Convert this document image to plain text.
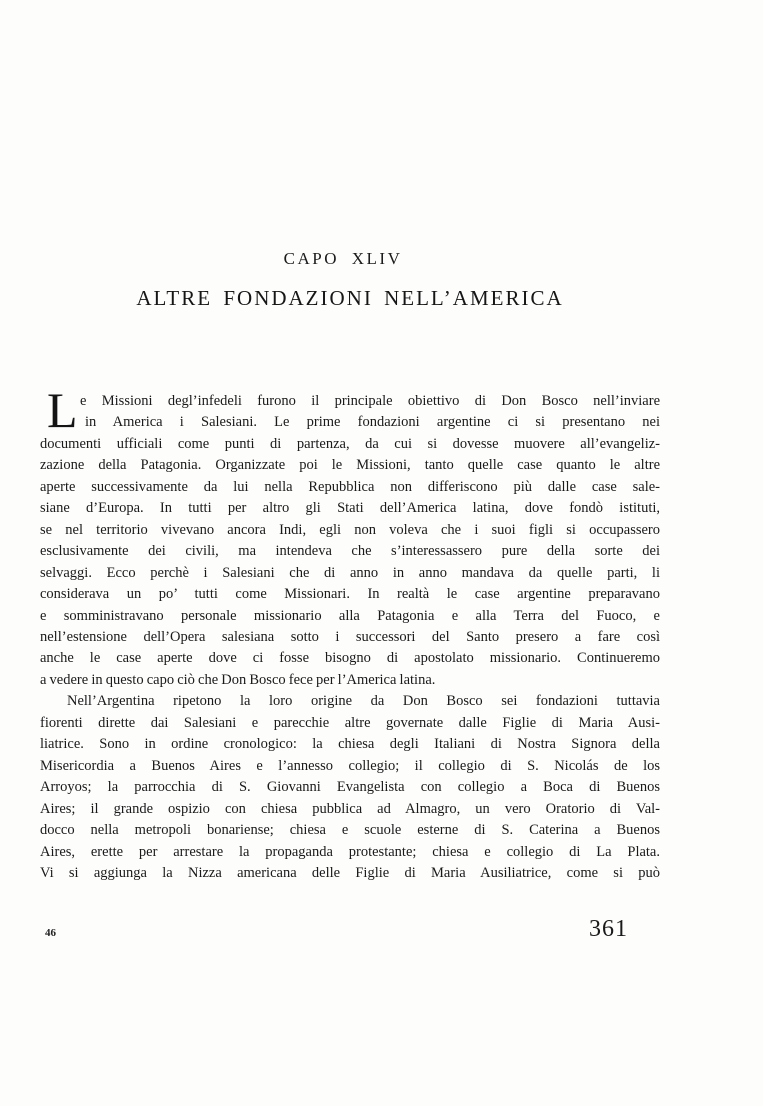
CAPO XLIV
ALTRE FONDAZIONI NELL’AMERICA
L e Missioni degl’infedeli furono il principale obiettivo di Don Bosco nell’inviare
in America i Salesiani. Le prime fondazioni argentine ci si presentano nei
documenti ufficiali come punti di partenza, da cui si dovesse muovere all’evangeliz-
zazione della Patagonia. Organizzate poi le Missioni, tanto quelle case quanto le altre
aperte successivamente da lui nella Repubblica non differiscono più dalle case sale-
siane d’Europa. In tutti per altro gli Stati dell’America latina, dove fondò istituti,
se nel territorio vivevano ancora Indi, egli non voleva che i suoi figli si occupassero
esclusivamente dei civili, ma intendeva che s’interessassero pure della sorte dei
selvaggi. Ecco perchè i Salesiani che di anno in anno mandava da quelle parti, li
considerava un po’ tutti come Missionari. In realtà le case argentine preparavano
e somministravano personale missionario alla Patagonia e alla Terra del Fuoco, e
nell’estensione dell’Opera salesiana sotto i successori del Santo presero a fare così
anche le case aperte dove ci fosse bisogno di apostolato missionario. Continueremo
a vedere in questo capo ciò che Don Bosco fece per l’America latina.
Nell’Argentina ripetono la loro origine da Don Bosco sei fondazioni tuttavia
fiorenti dirette dai Salesiani e parecchie altre governate dalle Figlie di Maria Ausi-
liatrice. Sono in ordine cronologico: la chiesa degli Italiani di Nostra Signora della
Misericordia a Buenos Aires e l’annesso collegio; il collegio di S. Nicolás de los
Arroyos; la parrocchia di S. Giovanni Evangelista con collegio a Boca di Buenos
Aires; il grande ospizio con chiesa pubblica ad Almagro, un vero Oratorio di Val-
docco nella metropoli bonariense; chiesa e scuole esterne di S. Caterina a Buenos
Aires, erette per arrestare la propaganda protestante; chiesa e collegio di La Plata.
Vi si aggiunga la Nizza americana delle Figlie di Maria Ausiliatrice, come si può
46	361
